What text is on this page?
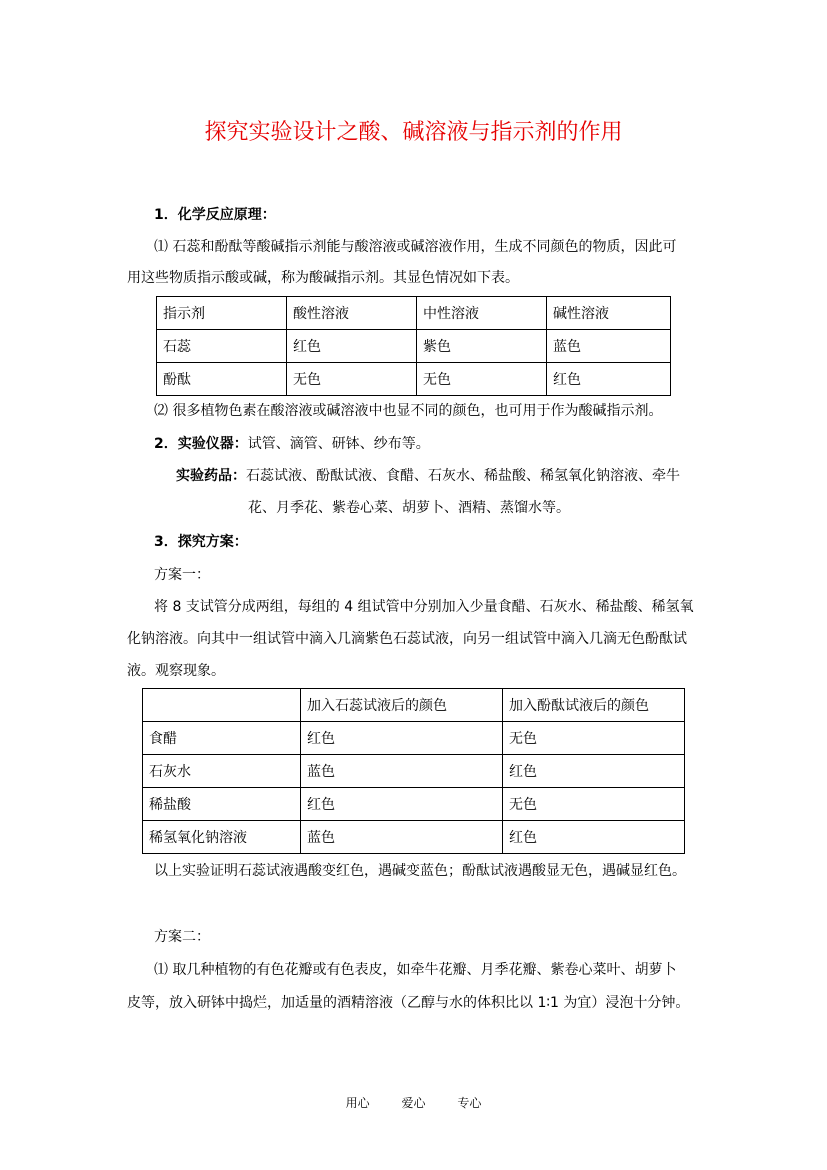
探究实验设计之酸、碱溶液与指示剂的作用
1．化学反应原理：
⑴ 石蕊和酚酞等酸碱指示剂能与酸溶液或碱溶液作用，生成不同颜色的物质，因此可
用这些物质指示酸或碱，称为酸碱指示剂。其显色情况如下表。
指示剂	酸性溶液	中性溶液	碱性溶液
石蕊	红色	紫色	蓝色
酚酞	无色	无色	红色
⑵ 很多植物色素在酸溶液或碱溶液中也显不同的颜色，也可用于作为酸碱指示剂。
2．实验仪器：试管、滴管、研钵、纱布等。
实验药品：石蕊试液、酚酞试液、食醋、石灰水、稀盐酸、稀氢氧化钠溶液、牵牛
花、月季花、紫卷心菜、胡萝卜、酒精、蒸馏水等。
3．探究方案：
方案一：
将 8 支试管分成两组，每组的 4 组试管中分别加入少量食醋、石灰水、稀盐酸、稀氢氧
化钠溶液。向其中一组试管中滴入几滴紫色石蕊试液，向另一组试管中滴入几滴无色酚酞试
液。观察现象。
	加入石蕊试液后的颜色	加入酚酞试液后的颜色
食醋	红色	无色
石灰水	蓝色	红色
稀盐酸	红色	无色
稀氢氧化钠溶液	蓝色	红色
以上实验证明石蕊试液遇酸变红色，遇碱变蓝色；酚酞试液遇酸显无色，遇碱显红色。
方案二：
⑴ 取几种植物的有色花瓣或有色表皮，如牵牛花瓣、月季花瓣、紫卷心菜叶、胡萝卜
皮等，放入研钵中捣烂，加适量的酒精溶液（乙醇与水的体积比以 1∶1 为宜）浸泡十分钟。
用心	爱心	专心
